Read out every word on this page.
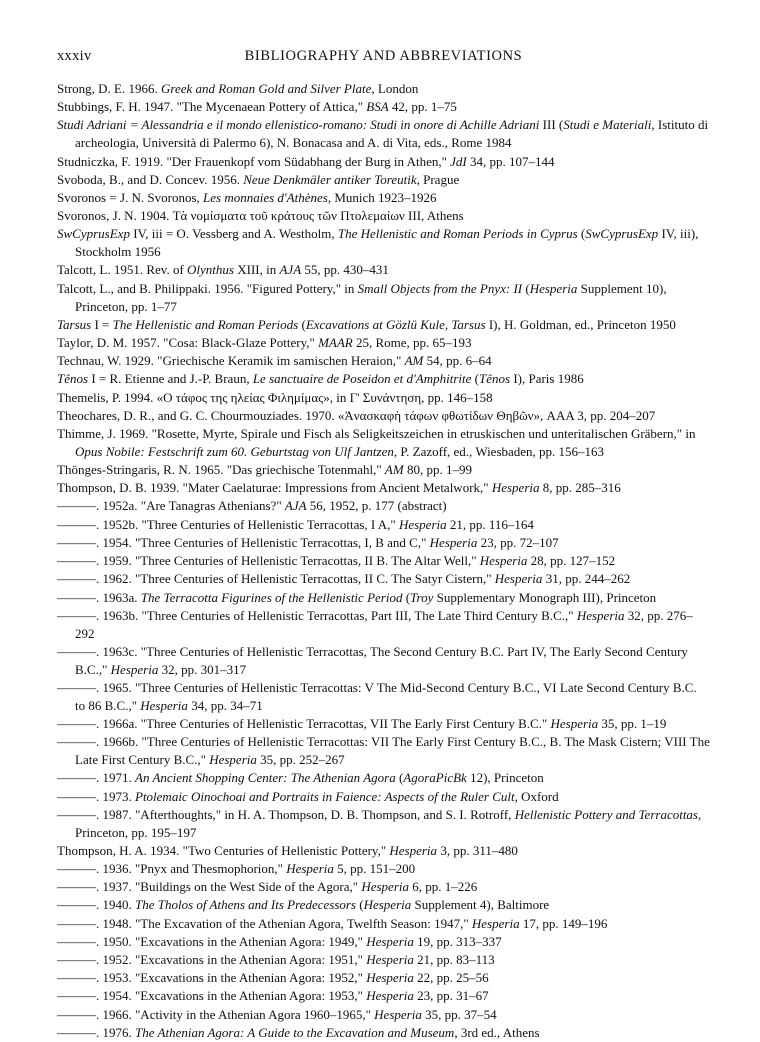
xxxiv	BIBLIOGRAPHY AND ABBREVIATIONS
Strong, D. E. 1966. Greek and Roman Gold and Silver Plate, London
Stubbings, F. H. 1947. "The Mycenaean Pottery of Attica," BSA 42, pp. 1–75
Studi Adriani = Alessandria e il mondo ellenistico-romano: Studi in onore di Achille Adriani III (Studi e Materiali, Istituto di archeologia, Università di Palermo 6), N. Bonacasa and A. di Vita, eds., Rome 1984
Studniczka, F. 1919. "Der Frauenkopf vom Südabhang der Burg in Athen," JdI 34, pp. 107–144
Svoboda, B., and D. Concev. 1956. Neue Denkmäler antiker Toreutik, Prague
Svoronos = J. N. Svoronos, Les monnaies d'Athènes, Munich 1923–1926
Svoronos, J. N. 1904. Τὰ νομίσματα τοῦ κράτους τῶν Πτολεμαίων III, Athens
SwCyprusExp IV, iii = O. Vessberg and A. Westholm, The Hellenistic and Roman Periods in Cyprus (SwCyprusExp IV, iii), Stockholm 1956
Talcott, L. 1951. Rev. of Olynthus XIII, in AJA 55, pp. 430–431
Talcott, L., and B. Philippaki. 1956. "Figured Pottery," in Small Objects from the Pnyx: II (Hesperia Supplement 10), Princeton, pp. 1–77
Tarsus I = The Hellenistic and Roman Periods (Excavations at Gözlü Kule, Tarsus I), H. Goldman, ed., Princeton 1950
Taylor, D. M. 1957. "Cosa: Black-Glaze Pottery," MAAR 25, Rome, pp. 65–193
Technau, W. 1929. "Griechische Keramik im samischen Heraion," AM 54, pp. 6–64
Tênos I = R. Etienne and J.-P. Braun, Le sanctuaire de Poseidon et d'Amphitrite (Tênos I), Paris 1986
Themelis, P. 1994. «Ο τάφος της ηλείας Φιλημίμας», in Γ' Συνάντηση, pp. 146–158
Theochares, D. R., and G. C. Chourmouziades. 1970. «Ἀνασκαφὴ τάφων φθωτίδων Θηβῶν», AAA 3, pp. 204–207
Thimme, J. 1969. "Rosette, Myrte, Spirale und Fisch als Seligkeitszeichen in etruskischen und unteritalischen Gräbern," in Opus Nobile: Festschrift zum 60. Geburtstag von Ulf Jantzen, P. Zazoff, ed., Wiesbaden, pp. 156–163
Thönges-Stringaris, R. N. 1965. "Das griechische Totenmahl," AM 80, pp. 1–99
Thompson, D. B. 1939. "Mater Caelaturae: Impressions from Ancient Metalwork," Hesperia 8, pp. 285–316
———. 1952a. "Are Tanagras Athenians?" AJA 56, 1952, p. 177 (abstract)
———. 1952b. "Three Centuries of Hellenistic Terracottas, I A," Hesperia 21, pp. 116–164
———. 1954. "Three Centuries of Hellenistic Terracottas, I, B and C," Hesperia 23, pp. 72–107
———. 1959. "Three Centuries of Hellenistic Terracottas, II B. The Altar Well," Hesperia 28, pp. 127–152
———. 1962. "Three Centuries of Hellenistic Terracottas, II C. The Satyr Cistern," Hesperia 31, pp. 244–262
———. 1963a. The Terracotta Figurines of the Hellenistic Period (Troy Supplementary Monograph III), Princeton
———. 1963b. "Three Centuries of Hellenistic Terracottas, Part III, The Late Third Century B.C.," Hesperia 32, pp. 276–292
———. 1963c. "Three Centuries of Hellenistic Terracottas, The Second Century B.C. Part IV, The Early Second Century B.C.," Hesperia 32, pp. 301–317
———. 1965. "Three Centuries of Hellenistic Terracottas: V The Mid-Second Century B.C., VI Late Second Century B.C. to 86 B.C.," Hesperia 34, pp. 34–71
———. 1966a. "Three Centuries of Hellenistic Terracottas, VII The Early First Century B.C." Hesperia 35, pp. 1–19
———. 1966b. "Three Centuries of Hellenistic Terracottas: VII The Early First Century B.C., B. The Mask Cistern; VIII The Late First Century B.C.," Hesperia 35, pp. 252–267
———. 1971. An Ancient Shopping Center: The Athenian Agora (AgoraPicBk 12), Princeton
———. 1973. Ptolemaic Oinochoai and Portraits in Faience: Aspects of the Ruler Cult, Oxford
———. 1987. "Afterthoughts," in H. A. Thompson, D. B. Thompson, and S. I. Rotroff, Hellenistic Pottery and Terracottas, Princeton, pp. 195–197
Thompson, H. A. 1934. "Two Centuries of Hellenistic Pottery," Hesperia 3, pp. 311–480
———. 1936. "Pnyx and Thesmophorion," Hesperia 5, pp. 151–200
———. 1937. "Buildings on the West Side of the Agora," Hesperia 6, pp. 1–226
———. 1940. The Tholos of Athens and Its Predecessors (Hesperia Supplement 4), Baltimore
———. 1948. "The Excavation of the Athenian Agora, Twelfth Season: 1947," Hesperia 17, pp. 149–196
———. 1950. "Excavations in the Athenian Agora: 1949," Hesperia 19, pp. 313–337
———. 1952. "Excavations in the Athenian Agora: 1951," Hesperia 21, pp. 83–113
———. 1953. "Excavations in the Athenian Agora: 1952," Hesperia 22, pp. 25–56
———. 1954. "Excavations in the Athenian Agora: 1953," Hesperia 23, pp. 31–67
———. 1966. "Activity in the Athenian Agora 1960–1965," Hesperia 35, pp. 37–54
———. 1976. The Athenian Agora: A Guide to the Excavation and Museum, 3rd ed., Athens
